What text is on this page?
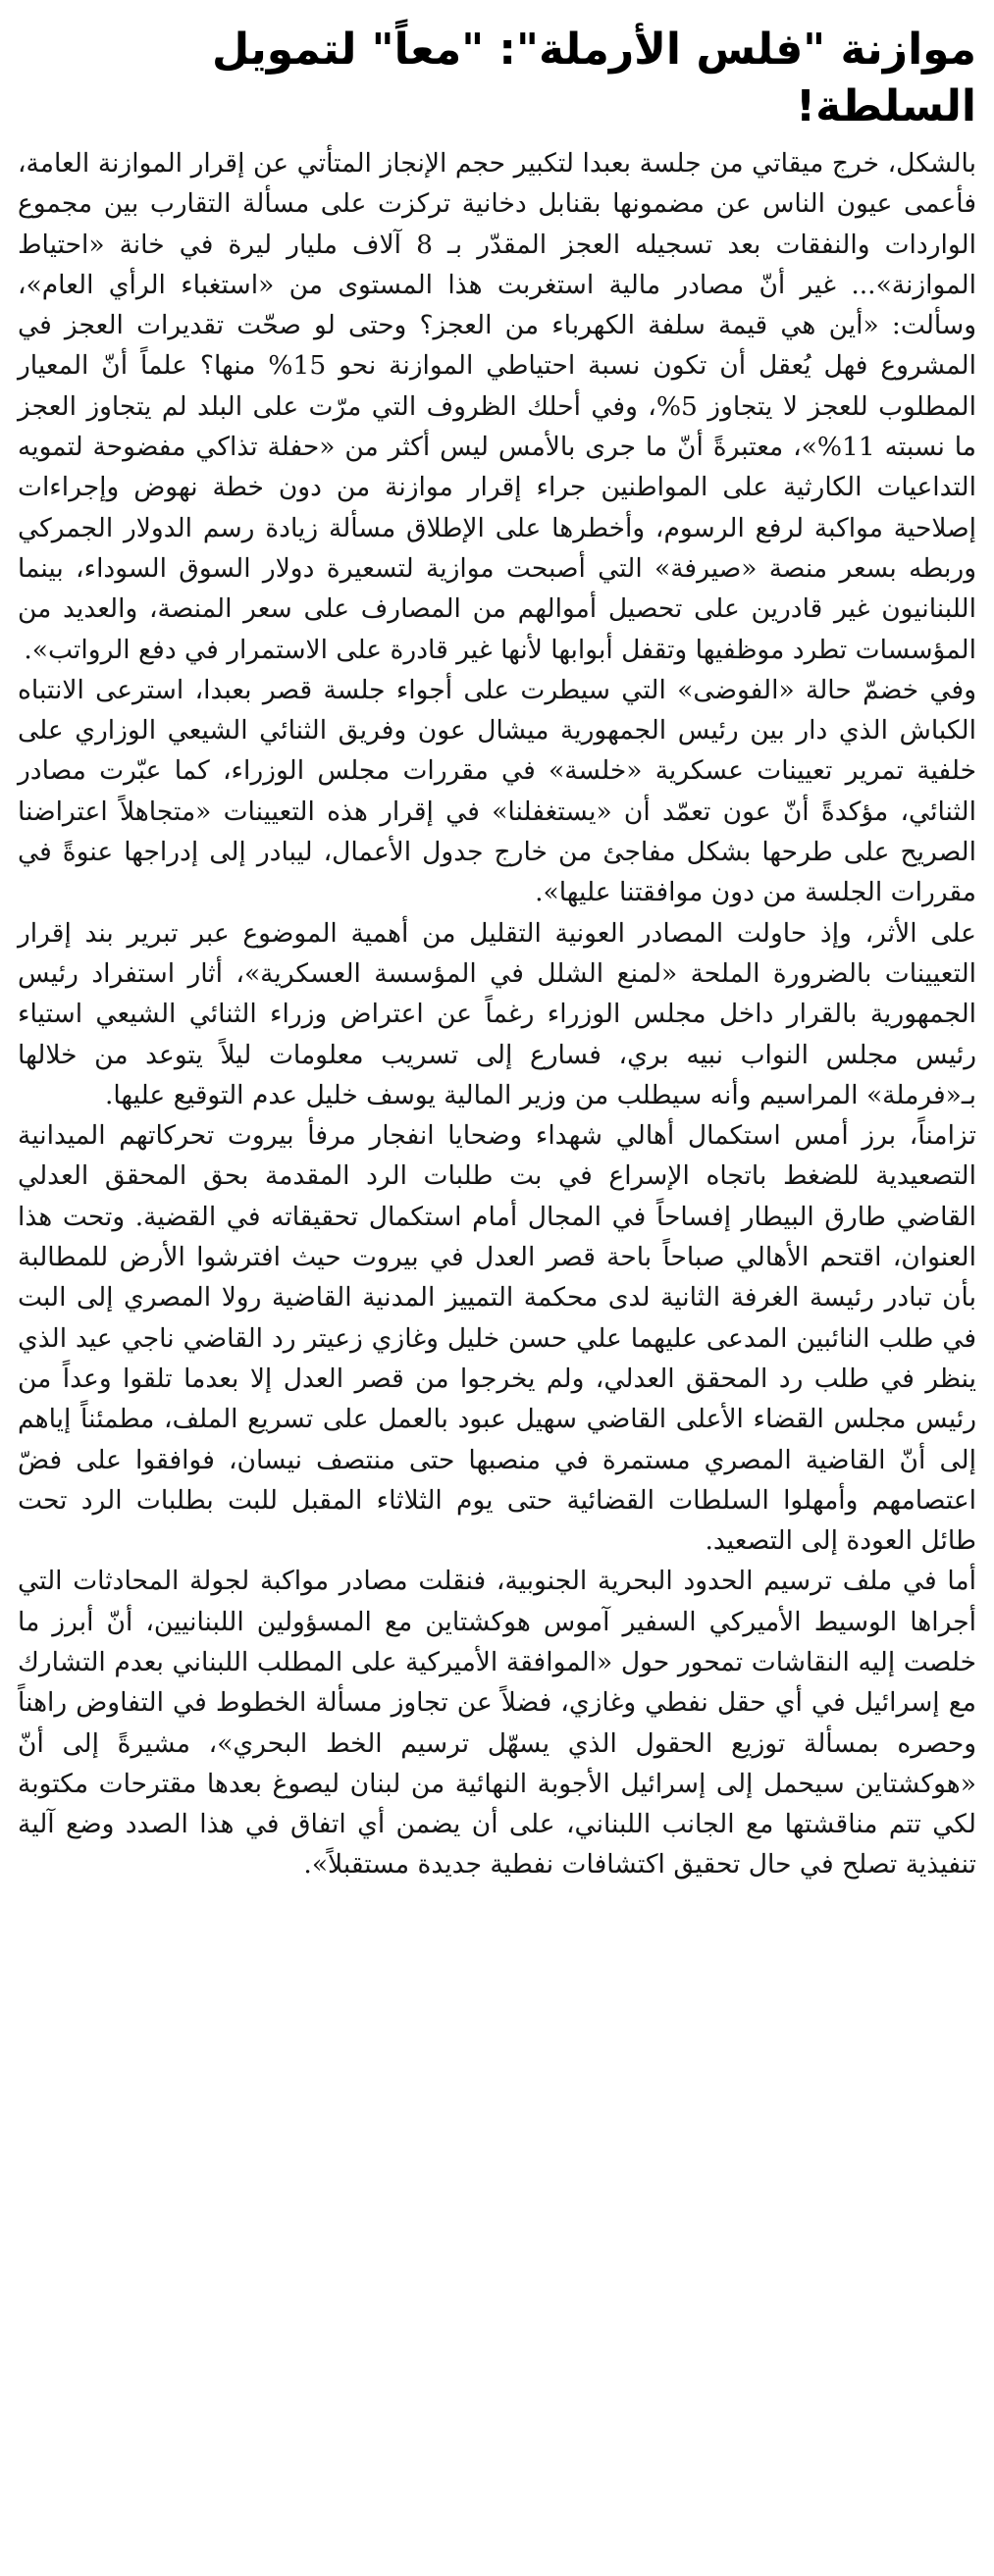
موازنة "فلس الأرملة": "معاً" لتمويل السلطة!

بالشكل، خرج ميقاتي من جلسة بعبدا لتكبير حجم الإنجاز المتأتي عن إقرار الموازنة العامة، فأعمى عيون الناس عن مضمونها بقنابل دخانية تركزت على مسألة التقارب بين مجموع الواردات والنفقات بعد تسجيله العجز المقدّر بـ 8 آلاف مليار ليرة في خانة «احتياط الموازنة»... غير أنّ مصادر مالية استغربت هذا المستوى من «استغباء الرأي العام»، وسألت: «أين هي قيمة سلفة الكهرباء من العجز؟ وحتى لو صحّت تقديرات العجز في المشروع فهل يُعقل أن تكون نسبة احتياطي الموازنة نحو 15% منها؟ علماً أنّ المعيار المطلوب للعجز لا يتجاوز 5%، وفي أحلك الظروف التي مرّت على البلد لم يتجاوز العجز ما نسبته 11%»، معتبرةً أنّ ما جرى بالأمس ليس أكثر من «حفلة تذاكي مفضوحة لتمويه التداعيات الكارثية على المواطنين جراء إقرار موازنة من دون خطة نهوض وإجراءات إصلاحية مواكبة لرفع الرسوم، وأخطرها على الإطلاق مسألة زيادة رسم الدولار الجمركي وربطه بسعر منصة «صيرفة» التي أصبحت موازية لتسعيرة دولار السوق السوداء، بينما اللبنانيون غير قادرين على تحصيل أموالهم من المصارف على سعر المنصة، والعديد من المؤسسات تطرد موظفيها وتقفل أبوابها لأنها غير قادرة على الاستمرار في دفع الرواتب».

وفي خضمّ حالة «الفوضى» التي سيطرت على أجواء جلسة قصر بعبدا، استرعى الانتباه الكباش الذي دار بين رئيس الجمهورية ميشال عون وفريق الثنائي الشيعي الوزاري على خلفية تمرير تعيينات عسكرية «خلسة» في مقررات مجلس الوزراء، كما عبّرت مصادر الثنائي، مؤكدةً أنّ عون تعمّد أن «يستغفلنا» في إقرار هذه التعيينات «متجاهلاً اعتراضنا الصريح على طرحها بشكل مفاجئ من خارج جدول الأعمال، ليبادر إلى إدراجها عنوةً في مقررات الجلسة من دون موافقتنا عليها».

على الأثر، وإذ حاولت المصادر العونية التقليل من أهمية الموضوع عبر تبرير بند إقرار التعيينات بالضرورة الملحة «لمنع الشلل في المؤسسة العسكرية»، أثار استفراد رئيس الجمهورية بالقرار داخل مجلس الوزراء رغماً عن اعتراض وزراء الثنائي الشيعي استياء رئيس مجلس النواب نبيه بري، فسارع إلى تسريب معلومات ليلاً يتوعد من خلالها بـ«فرملة» المراسيم وأنه سيطلب من وزير المالية يوسف خليل عدم التوقيع عليها.

تزامناً، برز أمس استكمال أهالي شهداء وضحايا انفجار مرفأ بيروت تحركاتهم الميدانية التصعيدية للضغط باتجاه الإسراع في بت طلبات الرد المقدمة بحق المحقق العدلي القاضي طارق البيطار إفساحاً في المجال أمام استكمال تحقيقاته في القضية. وتحت هذا العنوان، اقتحم الأهالي صباحاً باحة قصر العدل في بيروت حيث افترشوا الأرض للمطالبة بأن تبادر رئيسة الغرفة الثانية لدى محكمة التمييز المدنية القاضية رولا المصري إلى البت في طلب النائبين المدعى عليهما علي حسن خليل وغازي زعيتر رد القاضي ناجي عيد الذي ينظر في طلب رد المحقق العدلي، ولم يخرجوا من قصر العدل إلا بعدما تلقوا وعداً من رئيس مجلس القضاء الأعلى القاضي سهيل عبود بالعمل على تسريع الملف، مطمئناً إياهم إلى أنّ القاضية المصري مستمرة في منصبها حتى منتصف نيسان، فوافقوا على فضّ اعتصامهم وأمهلوا السلطات القضائية حتى يوم الثلاثاء المقبل للبت بطلبات الرد تحت طائل العودة إلى التصعيد.

أما في ملف ترسيم الحدود البحرية الجنوبية، فنقلت مصادر مواكبة لجولة المحادثات التي أجراها الوسيط الأميركي السفير آموس هوكشتاين مع المسؤولين اللبنانيين، أنّ أبرز ما خلصت إليه النقاشات تمحور حول «الموافقة الأميركية على المطلب اللبناني بعدم التشارك مع إسرائيل في أي حقل نفطي وغازي، فضلاً عن تجاوز مسألة الخطوط في التفاوض راهناً وحصره بمسألة توزيع الحقول الذي يسهّل ترسيم الخط البحري»، مشيرةً إلى أنّ «هوكشتاين سيحمل إلى إسرائيل الأجوبة النهائية من لبنان ليصوغ بعدها مقترحات مكتوبة لكي تتم مناقشتها مع الجانب اللبناني، على أن يضمن أي اتفاق في هذا الصدد وضع آلية تنفيذية تصلح في حال تحقيق اكتشافات نفطية جديدة مستقبلاً».
